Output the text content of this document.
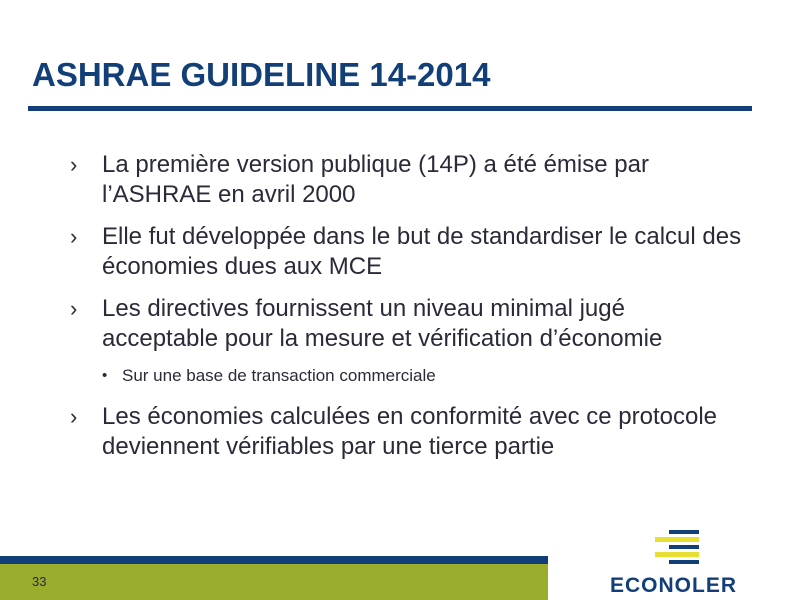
ASHRAE GUIDELINE 14-2014
› La première version publique (14P) a été émise par l’ASHRAE en avril 2000
› Elle fut développée dans le but de standardiser le calcul des économies dues aux MCE
› Les directives fournissent un niveau minimal jugé acceptable pour la mesure et vérification d’économie
• Sur une base de transaction commerciale
› Les économies calculées en conformité avec ce protocole deviennent vérifiables par une tierce partie
33	ECONOLER
